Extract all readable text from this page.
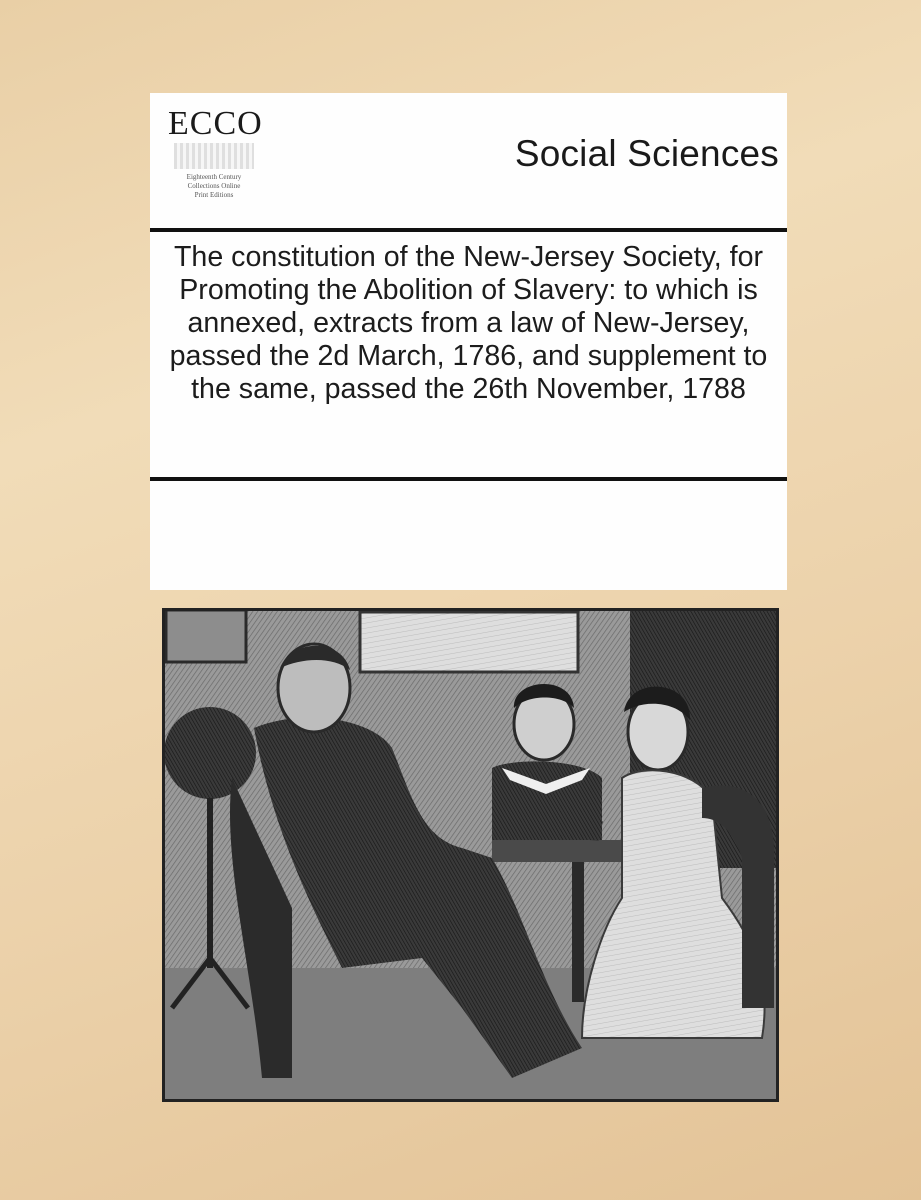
ECCO
Eighteenth Century
Collections Online
Print Editions
Social Sciences
The constitution of the New-Jersey Society, for Promoting the Abolition of Slavery: to which is annexed, extracts from a law of New-Jersey, passed the 2d March, 1786, and supplement to the same, passed the 26th November, 1788
